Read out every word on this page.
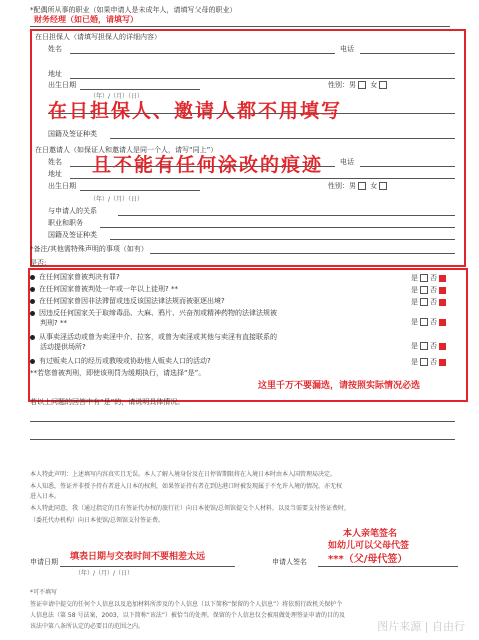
*配偶所从事的职业（如果申请人是未成年人，请填写父母的职业）
财务经理（如已婚，请填写）
在日担保人（请填写担保人的详细内容）
姓名	电话
地址
出生日期	性别：男 女
（年）/（月）（日）
国籍及签证种类
在日邀请人（如保证人和邀请人是同一个人，请写“同上”）
姓名	电话
地址
出生日期	性别：男 女
（年）/（月）（日）
与申请人的关系
职业和职务
国籍及签证种类
在日担保人、邀请人都不用填写
且不能有任何涂改的痕迹
*备注/其他需特殊声明的事项（如有）
是否:
在任何国家曾被判决有罪?	是 否
在任何国家曾被判处一年或一年以上徒刑? **	是 否
在任何国家曾因非法滞留或违反该国法律法规而被驱逐出境?	是 否
因违反任何国家关于取缔毒品、大麻、鸦片、兴奋剂或精神药物的法律法规被
判刑? **	是 否
从事卖淫活动或曾为卖淫中介、拉客，或曾为卖淫或其他与卖淫有直接联系的
活动提供场所?	是 否
有过贩卖人口的经历或教唆或协助他人贩卖人口的活动?	是 否
**若您曾被判刑，即使该刑罚为缓期执行，请选择“是”。
这里千万不要漏选，请按照实际情况必选
若以上问题的回答中有“是”的，请说明具体情况。
本人特此声明：上述填写内容真实且无误。本人了解入境身份及在日停留期限将在入境日本时由本入国管理局决定。
本人知悉，签证并非授予持有者进入日本的权利，如果签证持有者在到达港口时被发现属于不允许入境的情况，亦无权
进入日本。
本人特此同意，我（通过指定的且有签证代办权的旅行社）向日本使馆/总领馆提交个人材料，以及当需要支付签证费时，
（委托代办机构）向日本使馆/总领馆支付签证费。
本人亲笔签名
如幼儿可以父母代签
申请日期 填表日期与交表时间不要相差太远
（年）/（月）/（日）
申请人签名 ***（父/母代签）
*可不填写
签证申请中提交的任何个人信息以及追加材料所涉及的个人信息（以下简称“保留的个人信息”）将依照行政机关保护个
人信息法（第 58 号法案，2003，以下简称“该法”）被恰当的处理。保留的个人信息仅会被用做处理签证申请的目的及
该法中第八条所认定的必要目的范围之内。	图片来源 | 自由行
